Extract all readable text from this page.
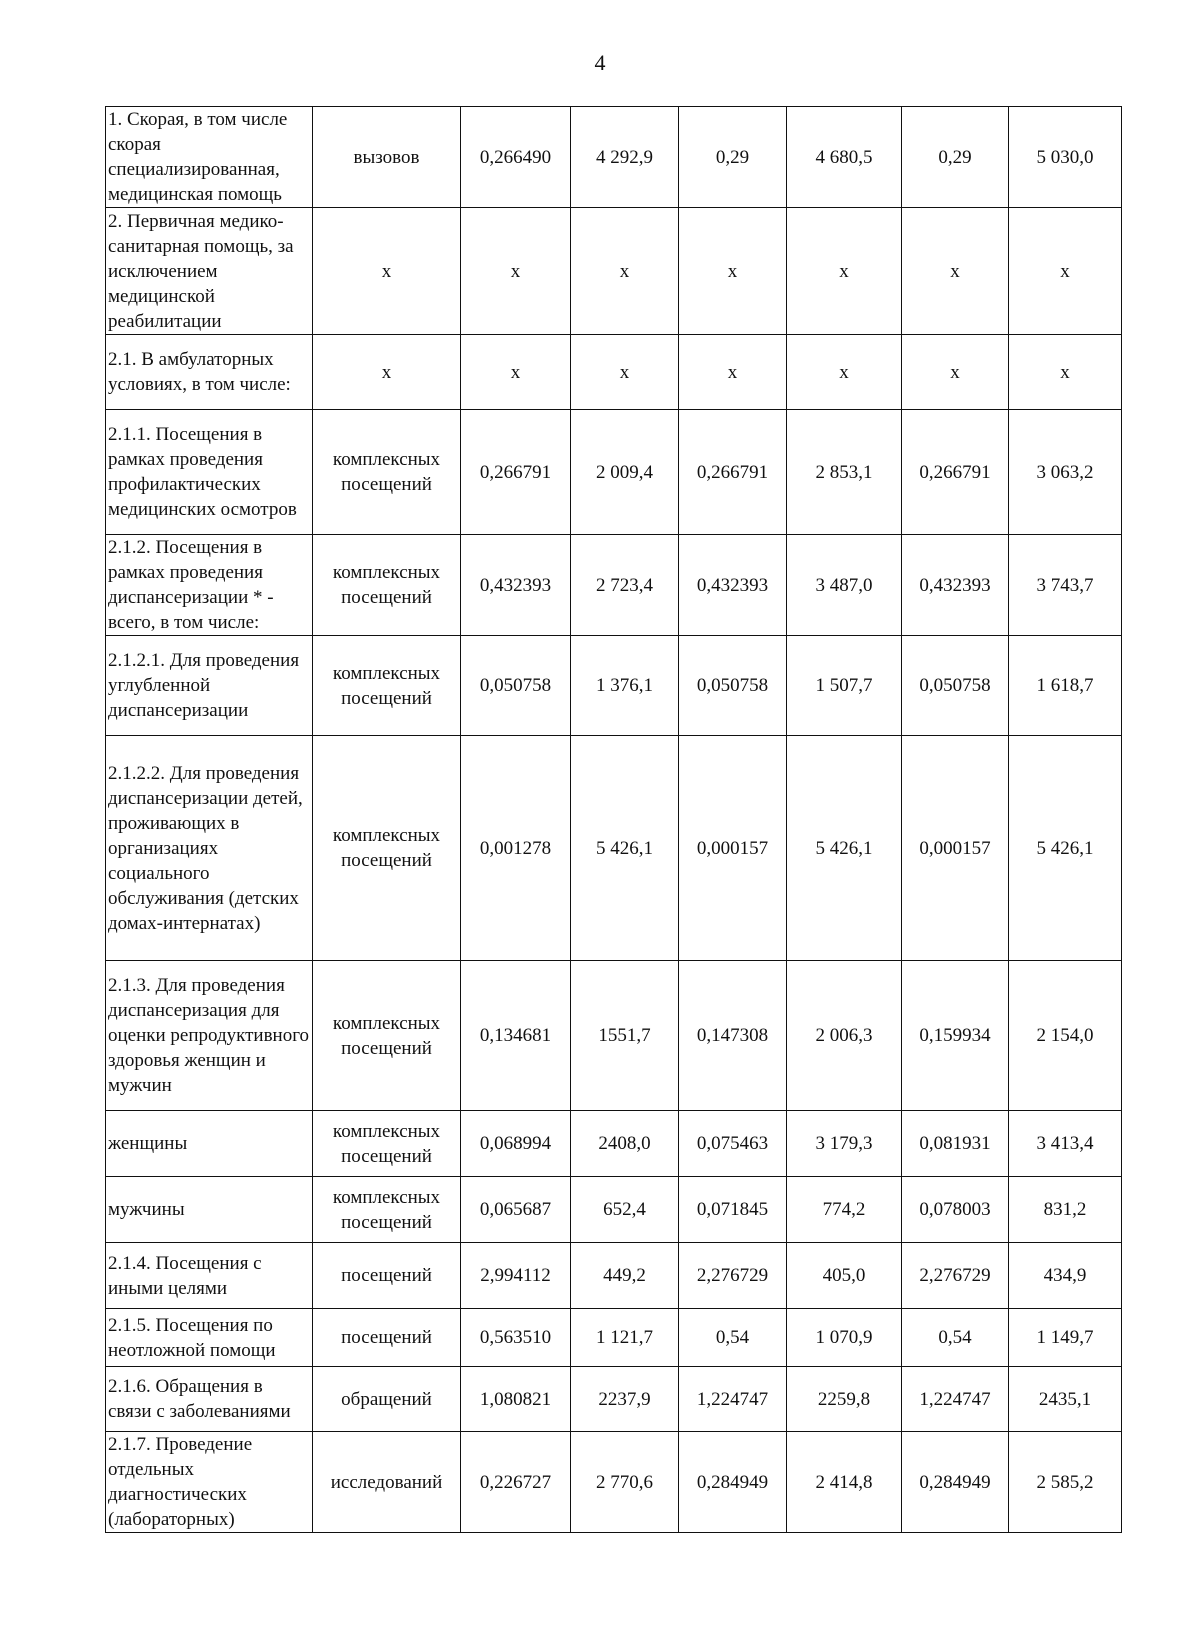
4
1. Скорая, в том числе скорая специализированная, медицинская помощь	вызовов	0,266490	4 292,9	0,29	4 680,5	0,29	5 030,0
2. Первичная медико-санитарная помощь, за исключением медицинской реабилитации	х	х	х	х	х	х	х
2.1. В амбулаторных условиях, в том числе:	х	х	х	х	х	х	х
2.1.1. Посещения в рамках проведения профилактических медицинских осмотров	комплексных посещений	0,266791	2 009,4	0,266791	2 853,1	0,266791	3 063,2
2.1.2. Посещения в рамках проведения диспансеризации * - всего, в том числе:	комплексных посещений	0,432393	2 723,4	0,432393	3 487,0	0,432393	3 743,7
2.1.2.1. Для проведения углубленной диспансеризации	комплексных посещений	0,050758	1 376,1	0,050758	1 507,7	0,050758	1 618,7
2.1.2.2. Для проведения диспансеризации детей, проживающих в организациях социального обслуживания (детских домах-интернатах)	комплексных посещений	0,001278	5 426,1	0,000157	5 426,1	0,000157	5 426,1
2.1.3. Для проведения диспансеризация для оценки репродуктивного здоровья женщин и мужчин	комплексных посещений	0,134681	1551,7	0,147308	2 006,3	0,159934	2 154,0
женщины	комплексных посещений	0,068994	2408,0	0,075463	3 179,3	0,081931	3 413,4
мужчины	комплексных посещений	0,065687	652,4	0,071845	774,2	0,078003	831,2
2.1.4. Посещения с иными целями	посещений	2,994112	449,2	2,276729	405,0	2,276729	434,9
2.1.5. Посещения по неотложной помощи	посещений	0,563510	1 121,7	0,54	1 070,9	0,54	1 149,7
2.1.6. Обращения в связи с заболеваниями	обращений	1,080821	2237,9	1,224747	2259,8	1,224747	2435,1
2.1.7. Проведение отдельных диагностических (лабораторных)	исследований	0,226727	2 770,6	0,284949	2 414,8	0,284949	2 585,2
